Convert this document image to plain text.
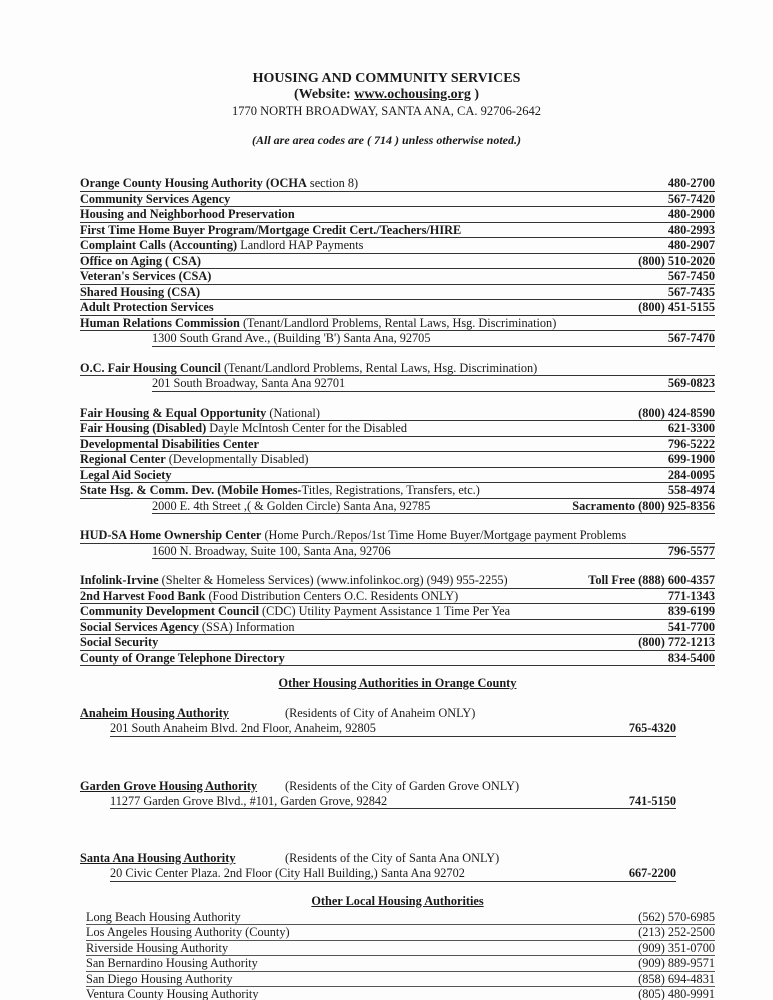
HOUSING AND COMMUNITY SERVICES
(Website: www.ochousing.org )
1770 NORTH BROADWAY, SANTA ANA, CA. 92706-2642
(All are area codes are ( 714 ) unless otherwise noted.)
Orange County Housing Authority (OCHA section 8)	480-2700
Community Services Agency	567-7420
Housing and Neighborhood Preservation	480-2900
First Time Home Buyer Program/Mortgage Credit Cert./Teachers/HIRE	480-2993
Complaint Calls (Accounting) Landlord HAP Payments	480-2907
Office on Aging ( CSA)	(800) 510-2020
Veteran's Services (CSA)	567-7450
Shared Housing (CSA)	567-7435
Adult Protection Services	(800) 451-5155
Human Relations Commission (Tenant/Landlord Problems, Rental Laws, Hsg. Discrimination)
1300 South Grand Ave., (Building 'B') Santa Ana, 92705	567-7470
O.C. Fair Housing Council (Tenant/Landlord Problems, Rental Laws, Hsg. Discrimination)
201 South Broadway, Santa Ana 92701	569-0823
Fair Housing & Equal Opportunity (National)	(800) 424-8590
Fair Housing (Disabled) Dayle McIntosh Center for the Disabled	621-3300
Developmental Disabilities Center	796-5222
Regional Center (Developmentally Disabled)	699-1900
Legal Aid Society	284-0095
State Hsg. & Comm. Dev. (Mobile Homes-Titles, Registrations, Transfers, etc.)	558-4974
2000 E. 4th Street ,( & Golden Circle) Santa Ana, 92785	Sacramento (800) 925-8356
HUD-SA Home Ownership Center (Home Purch./Repos/1st Time Home Buyer/Mortgage payment Problems
1600 N. Broadway, Suite 100, Santa Ana, 92706	796-5577
Infolink-Irvine (Shelter & Homeless Services) (www.infolinkoc.org) (949) 955-2255)	Toll Free (888) 600-4357
2nd Harvest Food Bank (Food Distribution Centers O.C. Residents ONLY)	771-1343
Community Development Council (CDC) Utility Payment Assistance 1 Time Per Yea	839-6199
Social Services Agency (SSA) Information	541-7700
Social Security	(800) 772-1213
County of Orange Telephone Directory	834-5400
Other Housing Authorities in Orange County
Anaheim Housing Authority	(Residents of City of Anaheim ONLY)
201 South Anaheim Blvd. 2nd Floor, Anaheim, 92805	765-4320
Garden Grove Housing Authority (Residents of the City of Garden Grove ONLY)
11277 Garden Grove Blvd., #101, Garden Grove, 92842	741-5150
Santa Ana Housing Authority	(Residents of the City of Santa Ana ONLY)
20 Civic Center Plaza. 2nd Floor (City Hall Building,) Santa Ana 92702	667-2200
Other Local Housing Authorities
Long Beach Housing Authority	(562) 570-6985
Los Angeles Housing Authority (County)	(213) 252-2500
Riverside Housing Authority	(909) 351-0700
San Bernardino Housing Authority	(909) 889-9571
San Diego Housing Authority	(858) 694-4831
Ventura County Housing Authority	(805) 480-9991
